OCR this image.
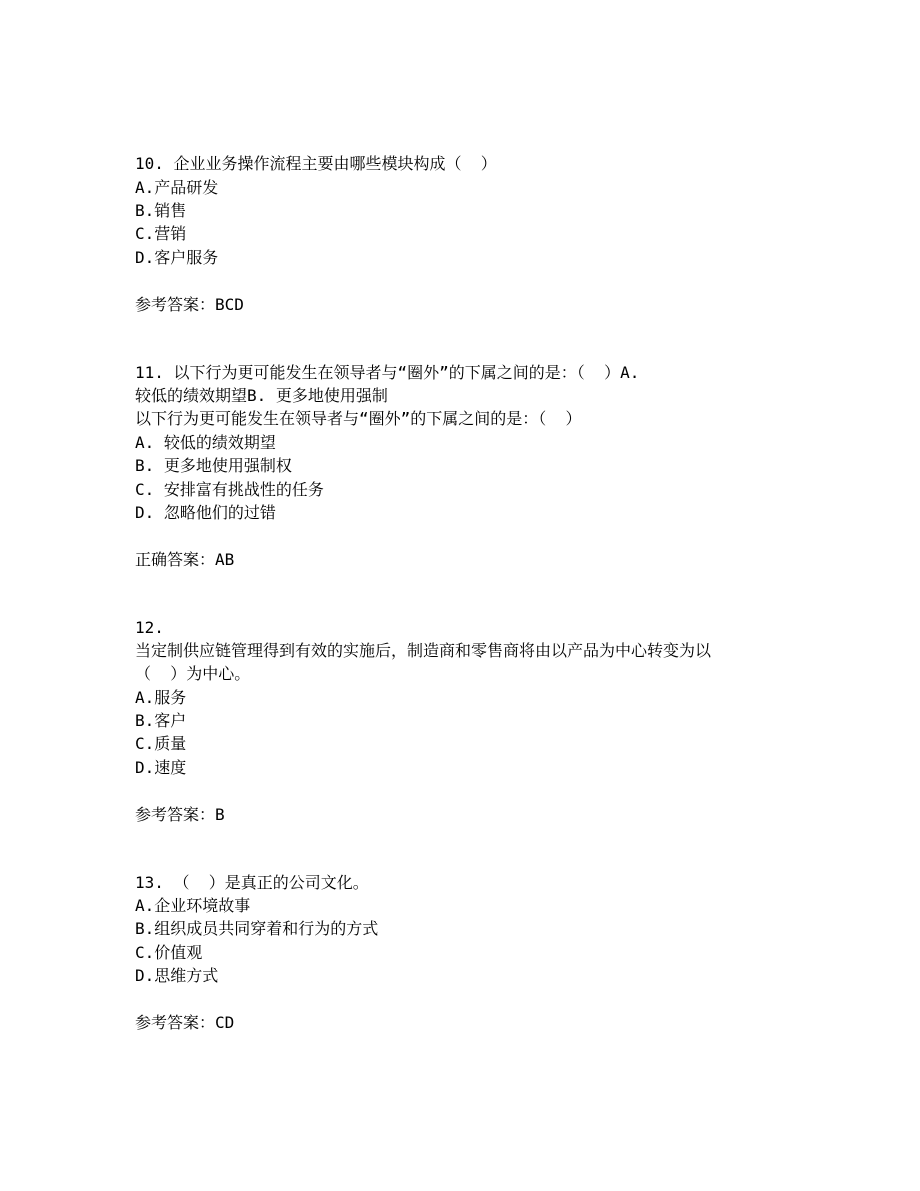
10. 企业业务操作流程主要由哪些模块构成（  ）
A.产品研发
B.销售
C.营销
D.客户服务
参考答案：BCD
11. 以下行为更可能发生在领导者与“圈外”的下属之间的是：（  ）A.
较低的绩效期望B. 更多地使用强制
以下行为更可能发生在领导者与“圈外”的下属之间的是：（  ）
A. 较低的绩效期望
B. 更多地使用强制权
C. 安排富有挑战性的任务
D. 忽略他们的过错
正确答案：AB
12.
当定制供应链管理得到有效的实施后，制造商和零售商将由以产品为中心转变为以
（  ）为中心。
A.服务
B.客户
C.质量
D.速度
参考答案：B
13. （  ）是真正的公司文化。
A.企业环境故事
B.组织成员共同穿着和行为的方式
C.价值观
D.思维方式
参考答案：CD
